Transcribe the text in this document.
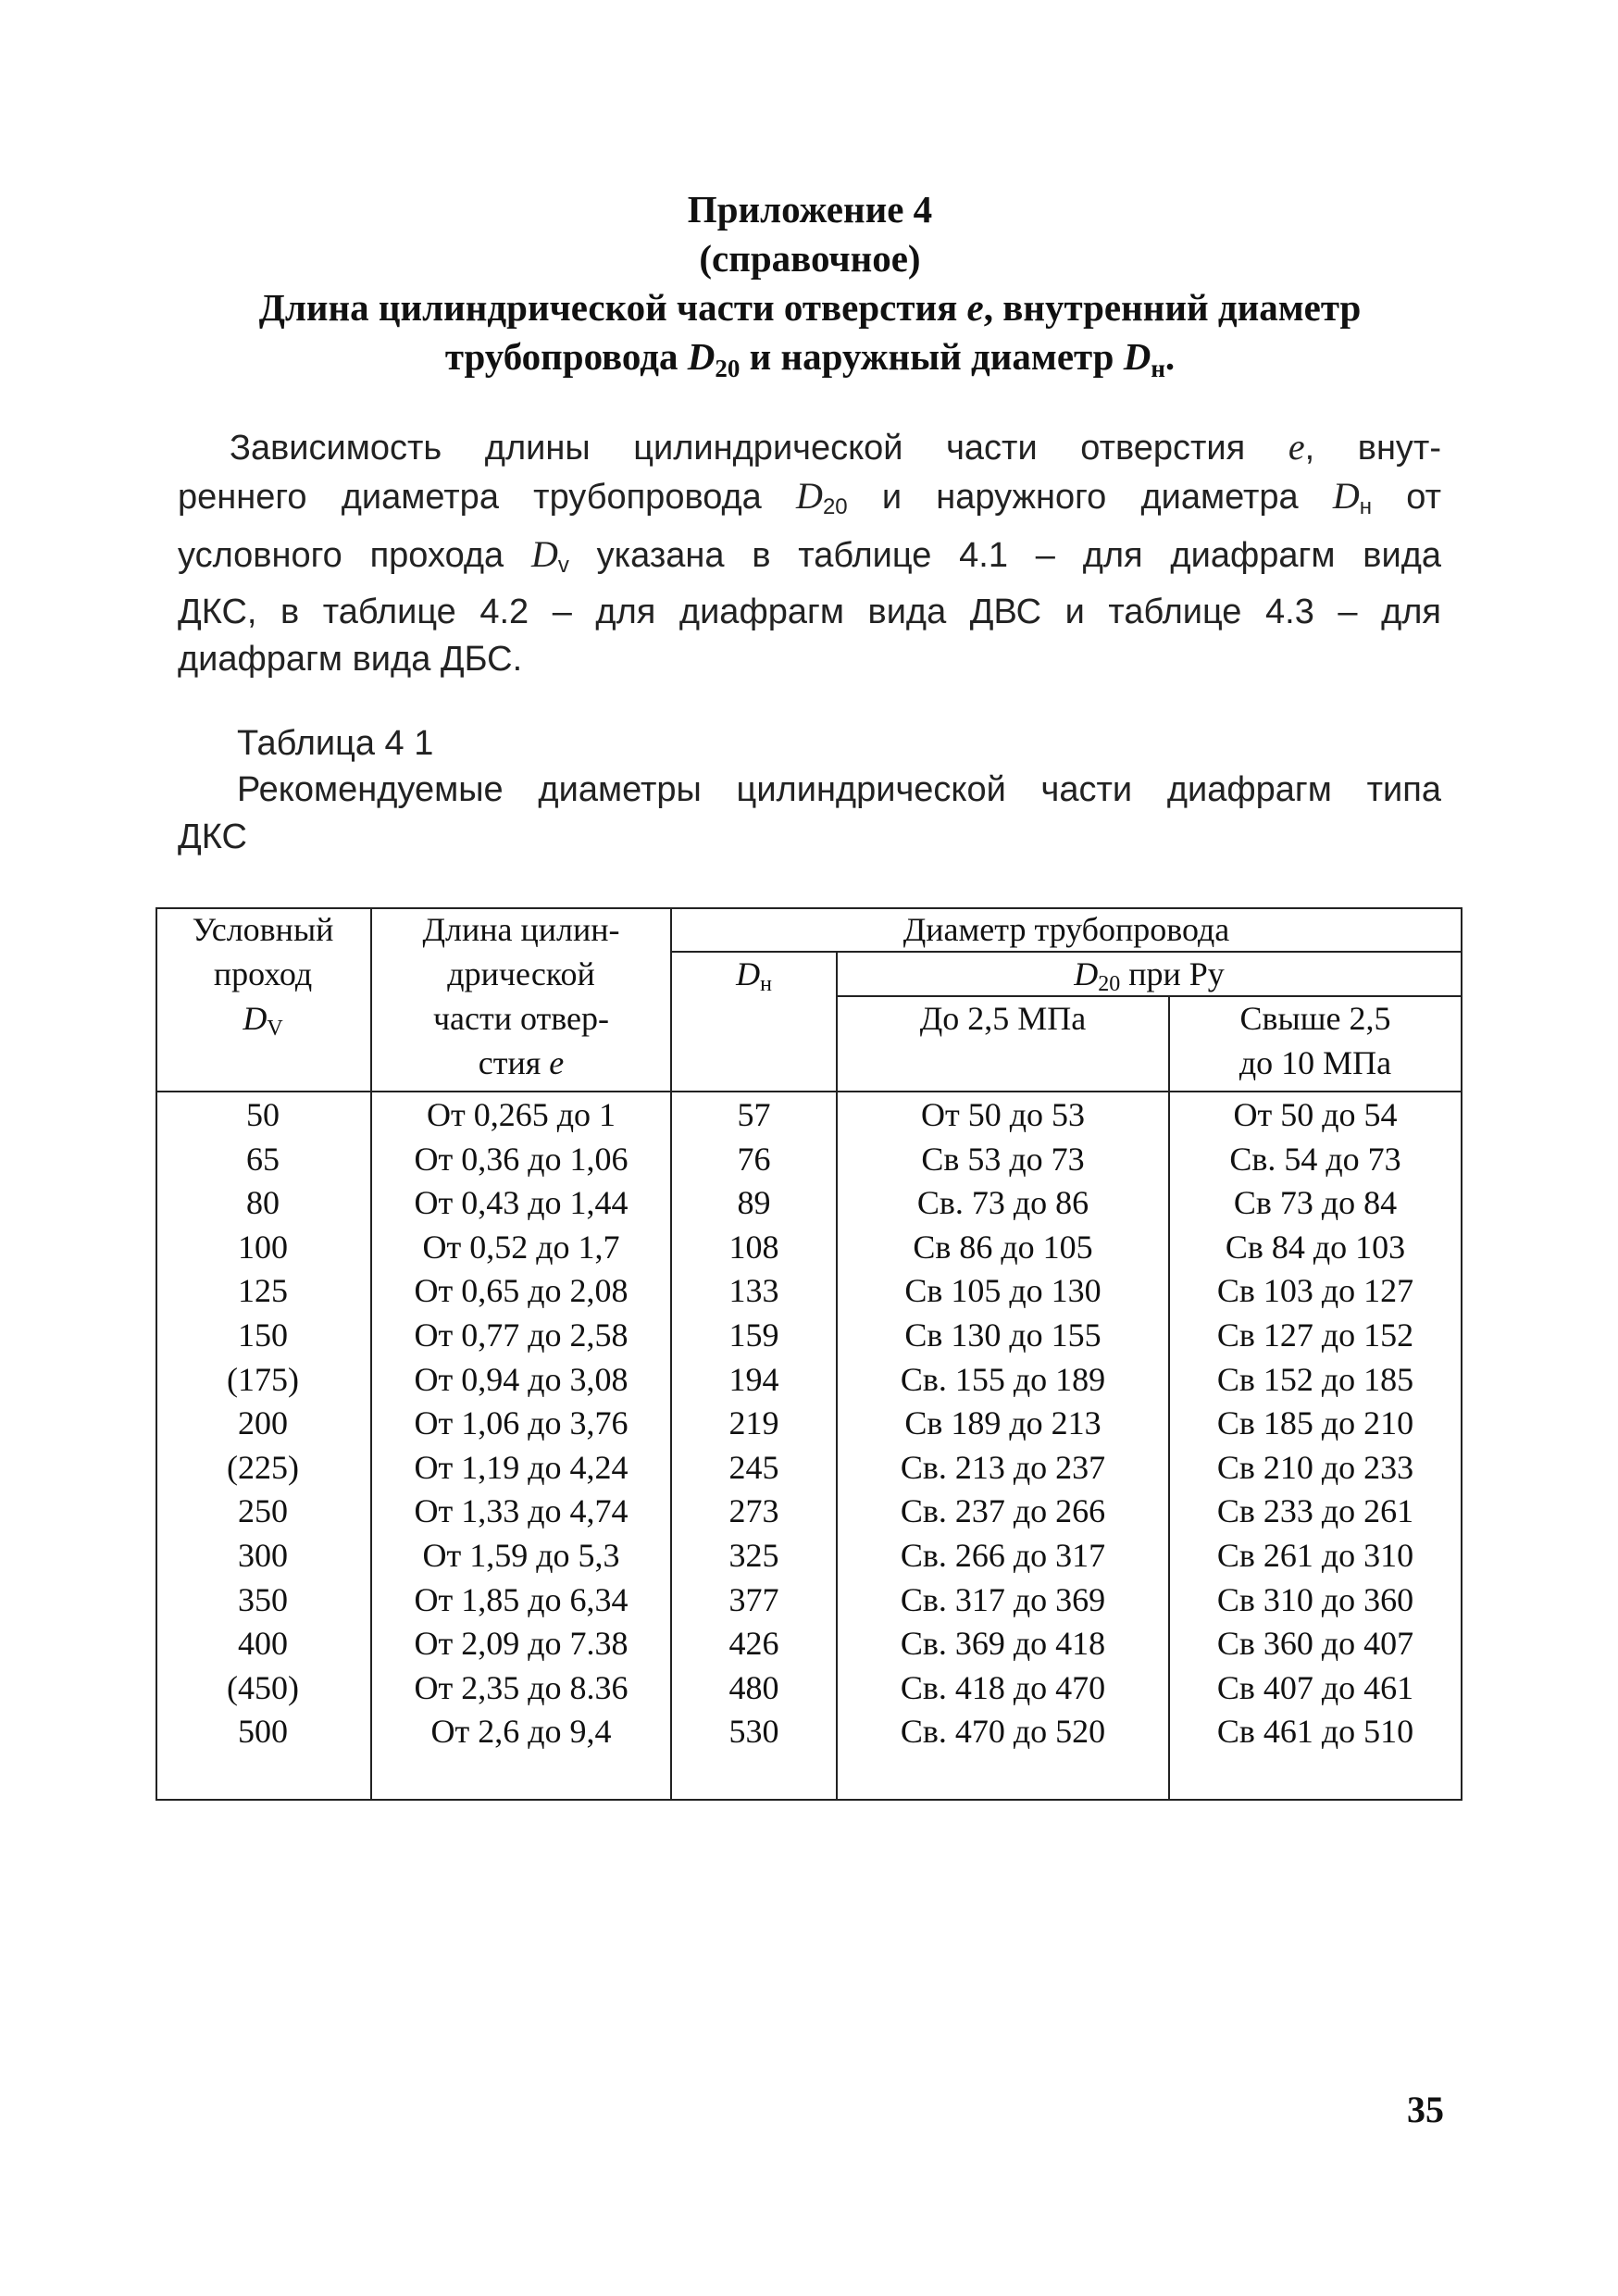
Приложение 4
(справочное)
Длина цилиндрической части отверстия e, внутренний диаметр
трубопровода $D_{20}$ и наружный диаметр $D_н$.
Зависимость длины цилиндрической части отверстия e, внут-
реннего диаметра трубопровода $D_{20}$ и наружного диаметра $D_н$ от
условного прохода $D_v$ указана в таблице 4.1 – для диафрагм вида
ДКС, в таблице 4.2 – для диафрагм вида ДВС и таблице 4.3 – для
диафрагм вида ДБС.
Таблица 4 1
Рекомендуемые диаметры цилиндрической части диафрагм типа
ДКС
Условный
проход
$D_V$
Длина цилин-
дрической
части отвер-
стия e
Диаметр трубопровода
$D_н$	$D_{20}$ при Ру
До 2,5 МПа	Свыше 2,5
до 10 МПа
50	От 0,265 до 1	57	От 50 до 53	От 50 до 54
65	От 0,36 до 1,06	76	Св 53 до 73	Св. 54 до 73
80	От 0,43 до 1,44	89	Св. 73 до 86	Св 73 до 84
100	От 0,52 до 1,7	108	Св 86 до 105	Св 84 до 103
125	От 0,65 до 2,08	133	Св 105 до 130	Св 103 до 127
150	От 0,77 до 2,58	159	Св 130 до 155	Св 127 до 152
(175)	От 0,94 до 3,08	194	Св. 155 до 189	Св 152 до 185
200	От 1,06 до 3,76	219	Св 189 до 213	Св 185 до 210
(225)	От 1,19 до 4,24	245	Св. 213 до 237	Св 210 до 233
250	От 1,33 до 4,74	273	Св. 237 до 266	Св 233 до 261
300	От 1,59 до 5,3	325	Св. 266 до 317	Св 261 до 310
350	От 1,85 до 6,34	377	Св. 317 до 369	Св 310 до 360
400	От 2,09 до 7.38	426	Св. 369 до 418	Св 360 до 407
(450)	От 2,35 до 8.36	480	Св. 418 до 470	Св 407 до 461
500	От 2,6 до 9,4	530	Св. 470 до 520	Св 461 до 510
35
